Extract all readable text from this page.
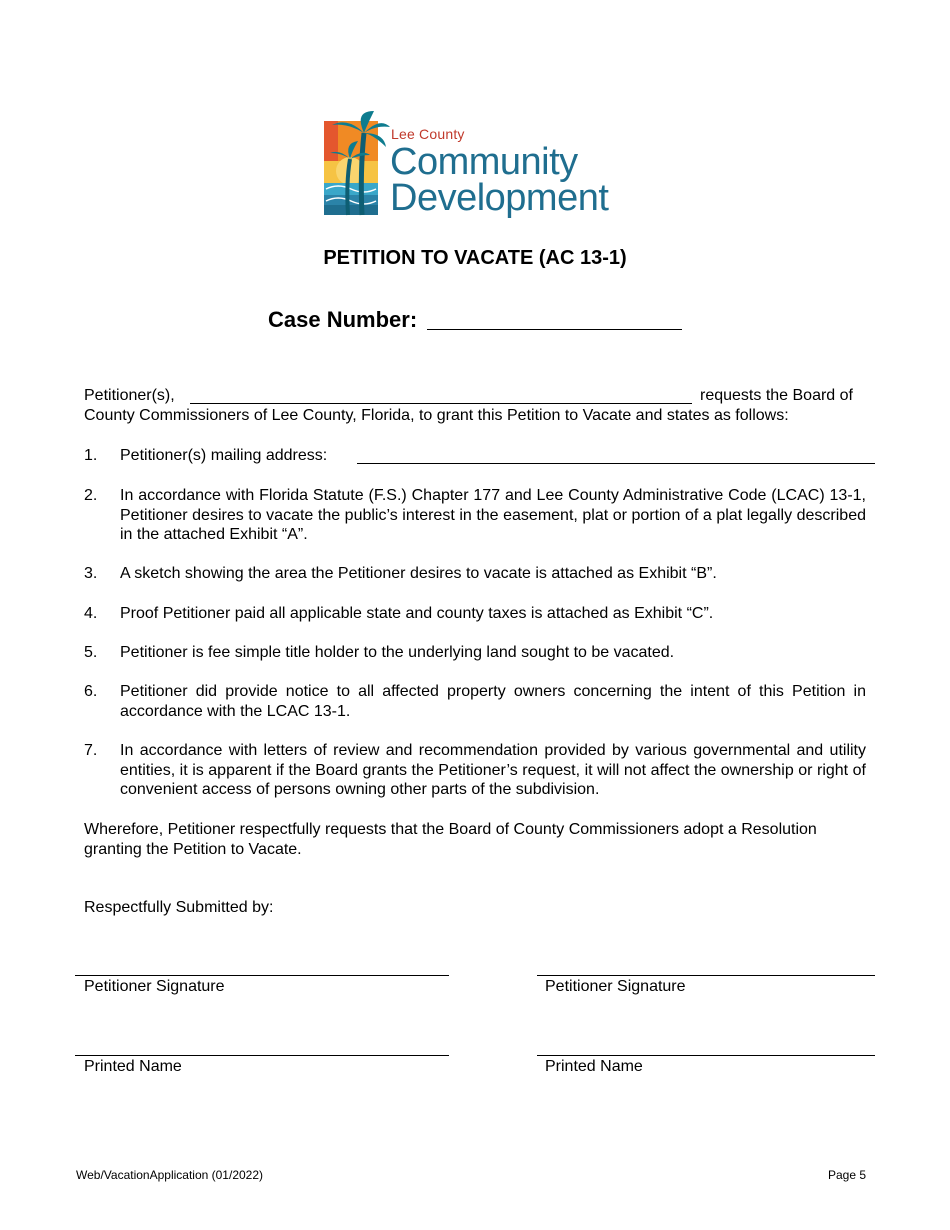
Lee County
Community
Development
PETITION TO VACATE (AC 13-1)
Case Number:
Petitioner(s),	requests the Board of
County Commissioners of Lee County, Florida, to grant this Petition to Vacate and states as follows:
1. Petitioner(s) mailing address:
2. In accordance with Florida Statute (F.S.) Chapter 177 and Lee County Administrative Code (LCAC) 13-1, Petitioner desires to vacate the public’s interest in the easement, plat or portion of a plat legally described in the attached Exhibit “A”.
3. A sketch showing the area the Petitioner desires to vacate is attached as Exhibit “B”.
4. Proof Petitioner paid all applicable state and county taxes is attached as Exhibit “C”.
5. Petitioner is fee simple title holder to the underlying land sought to be vacated.
6. Petitioner did provide notice to all affected property owners concerning the intent of this Petition in accordance with the LCAC 13-1.
7. In accordance with letters of review and recommendation provided by various governmental and utility entities, it is apparent if the Board grants the Petitioner’s request, it will not affect the ownership or right of convenient access of persons owning other parts of the subdivision.
Wherefore, Petitioner respectfully requests that the Board of County Commissioners adopt a Resolution granting the Petition to Vacate.
Respectfully Submitted by:
Petitioner Signature
Printed Name
Petitioner Signature
Printed Name
Web/VacationApplication (01/2022)	Page 5
